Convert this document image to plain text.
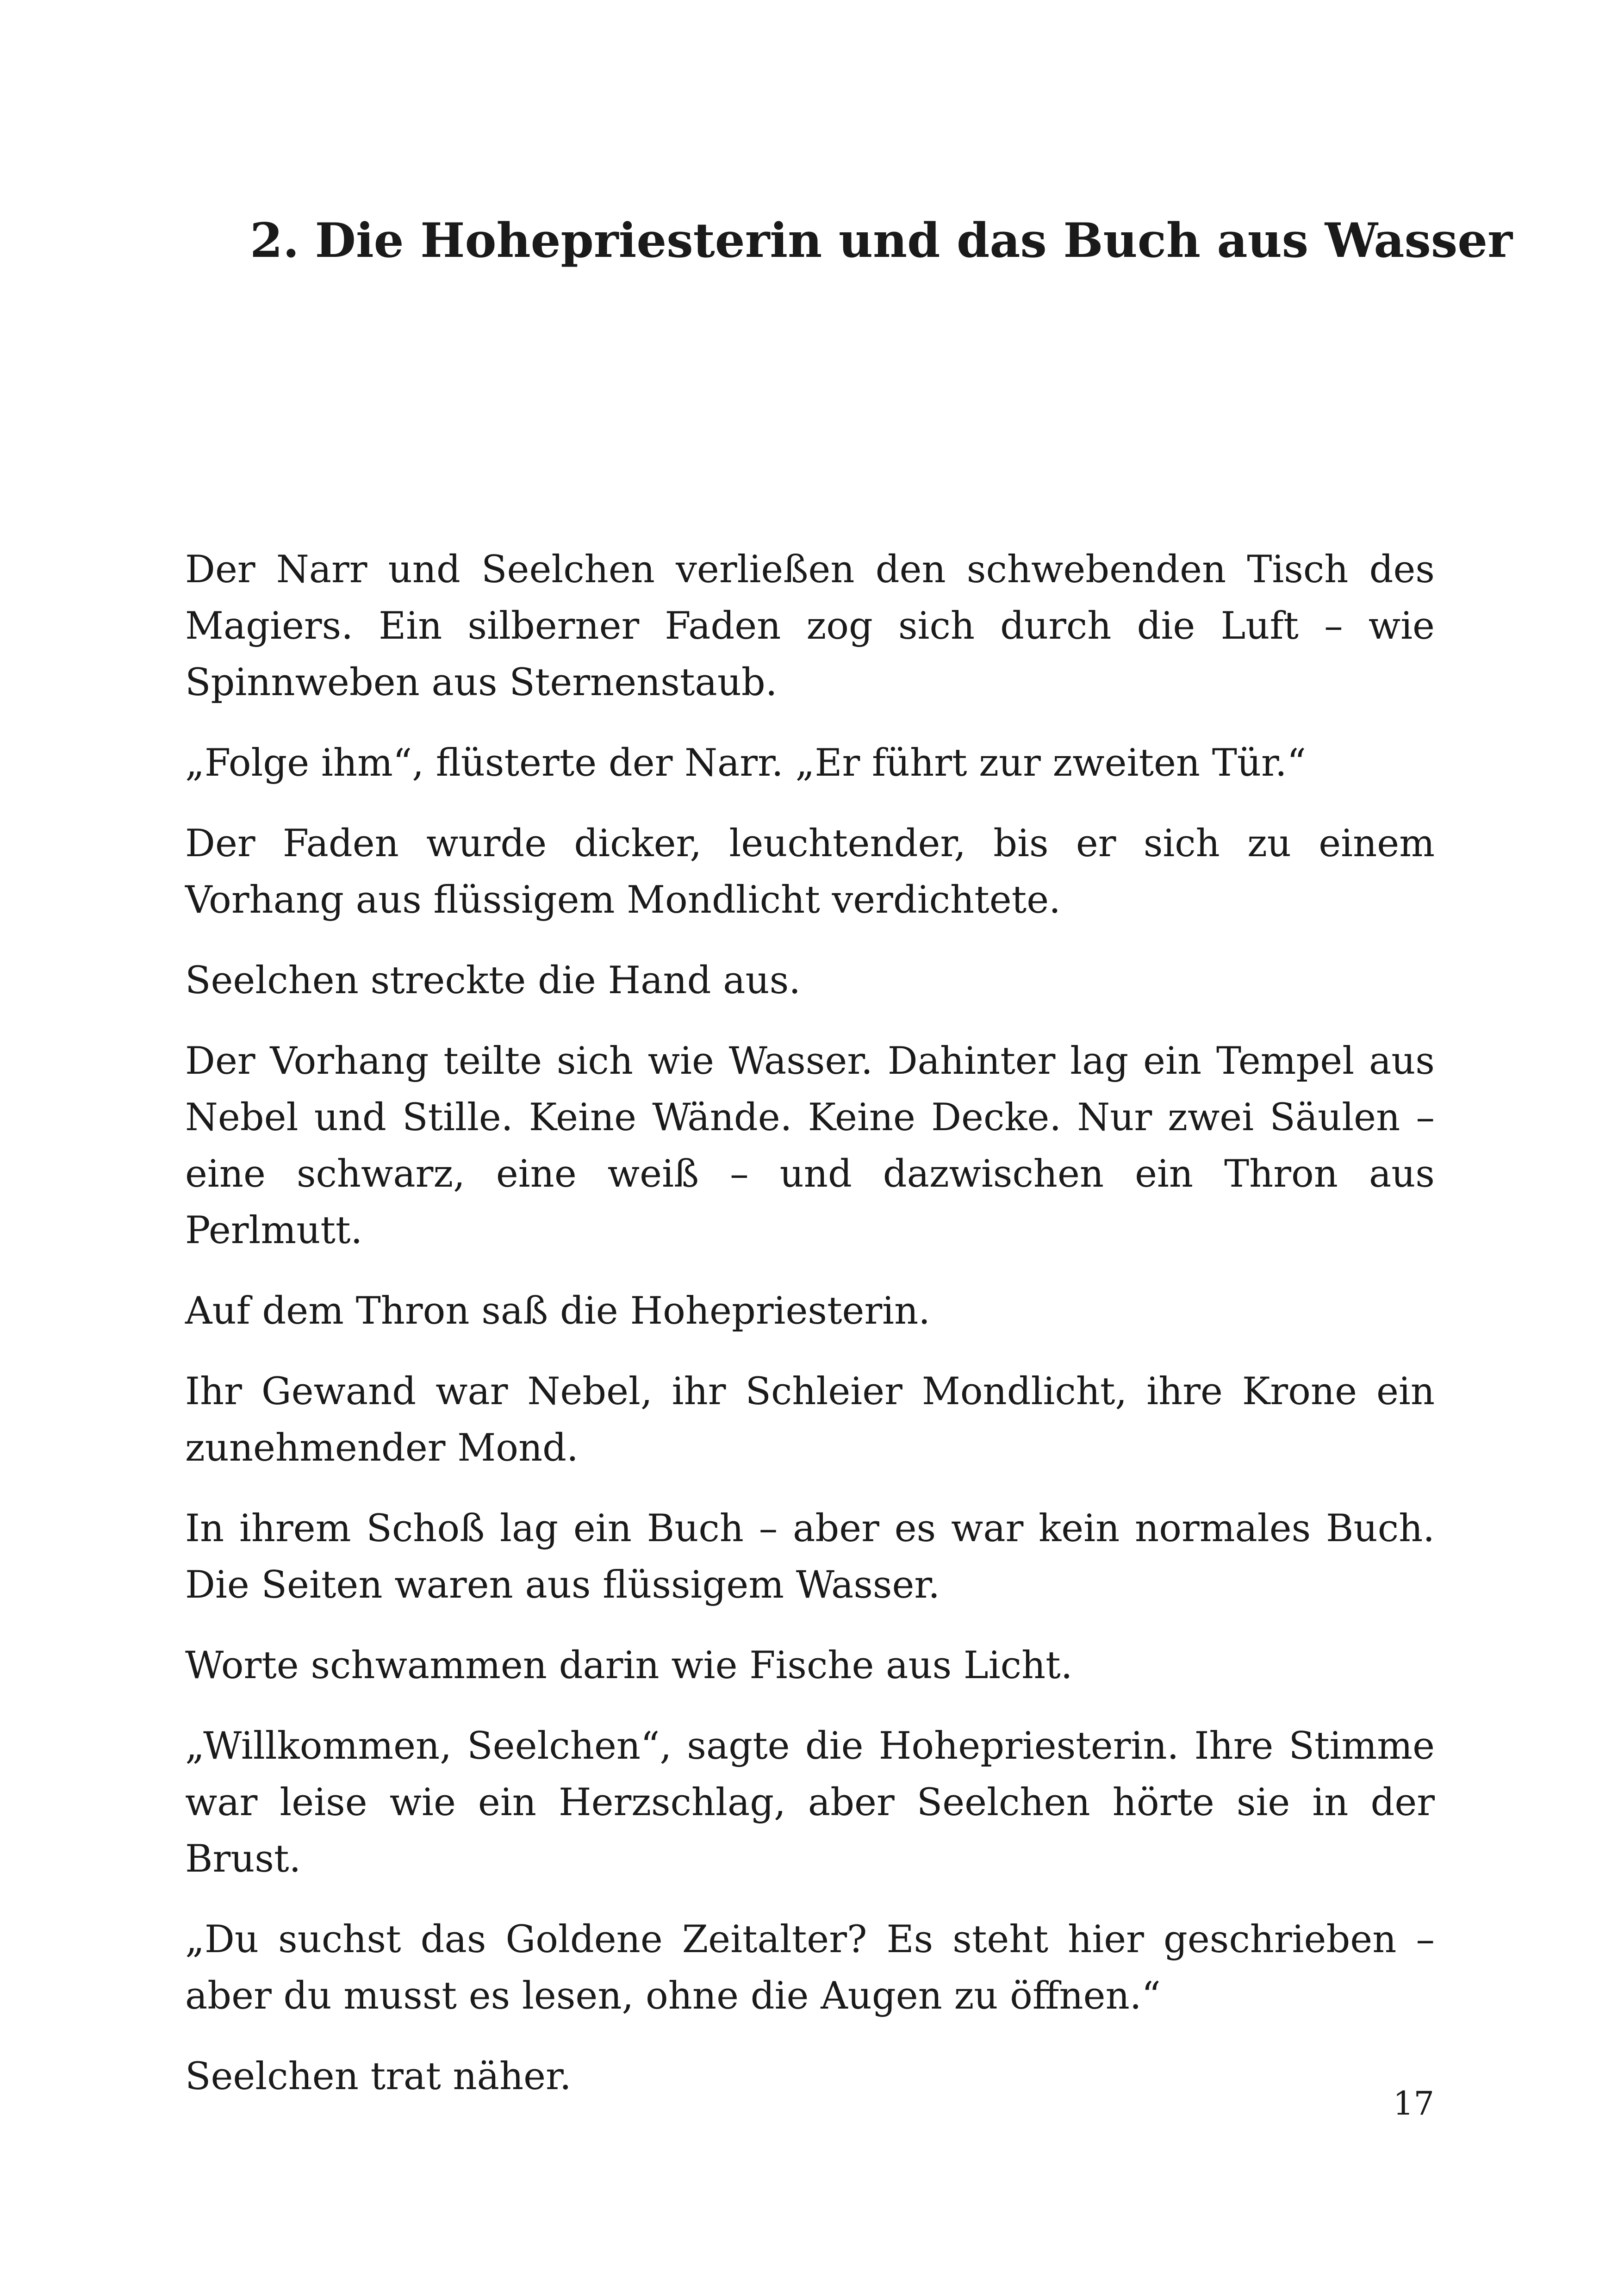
2. Die Hohepriesterin und das Buch aus Wasser

Der Narr und Seelchen verließen den schwebenden Tisch des Magiers. Ein silberner Faden zog sich durch die Luft – wie Spinnweben aus Sternenstaub.

„Folge ihm“, flüsterte der Narr. „Er führt zur zweiten Tür.“

Der Faden wurde dicker, leuchtender, bis er sich zu einem Vorhang aus flüssigem Mondlicht verdichtete.

Seelchen streckte die Hand aus.

Der Vorhang teilte sich wie Wasser. Dahinter lag ein Tempel aus Nebel und Stille. Keine Wände. Keine Decke. Nur zwei Säulen – eine schwarz, eine weiß – und dazwischen ein Thron aus Perlmutt.

Auf dem Thron saß die Hohepriesterin.

Ihr Gewand war Nebel, ihr Schleier Mondlicht, ihre Krone ein zunehmender Mond.

In ihrem Schoß lag ein Buch – aber es war kein normales Buch. Die Seiten waren aus flüssigem Wasser.

Worte schwammen darin wie Fische aus Licht.

„Willkommen, Seelchen“, sagte die Hohepriesterin. Ihre Stimme war leise wie ein Herzschlag, aber Seelchen hörte sie in der Brust.

„Du suchst das Goldene Zeitalter? Es steht hier geschrieben – aber du musst es lesen, ohne die Augen zu öffnen.“

Seelchen trat näher.

17
